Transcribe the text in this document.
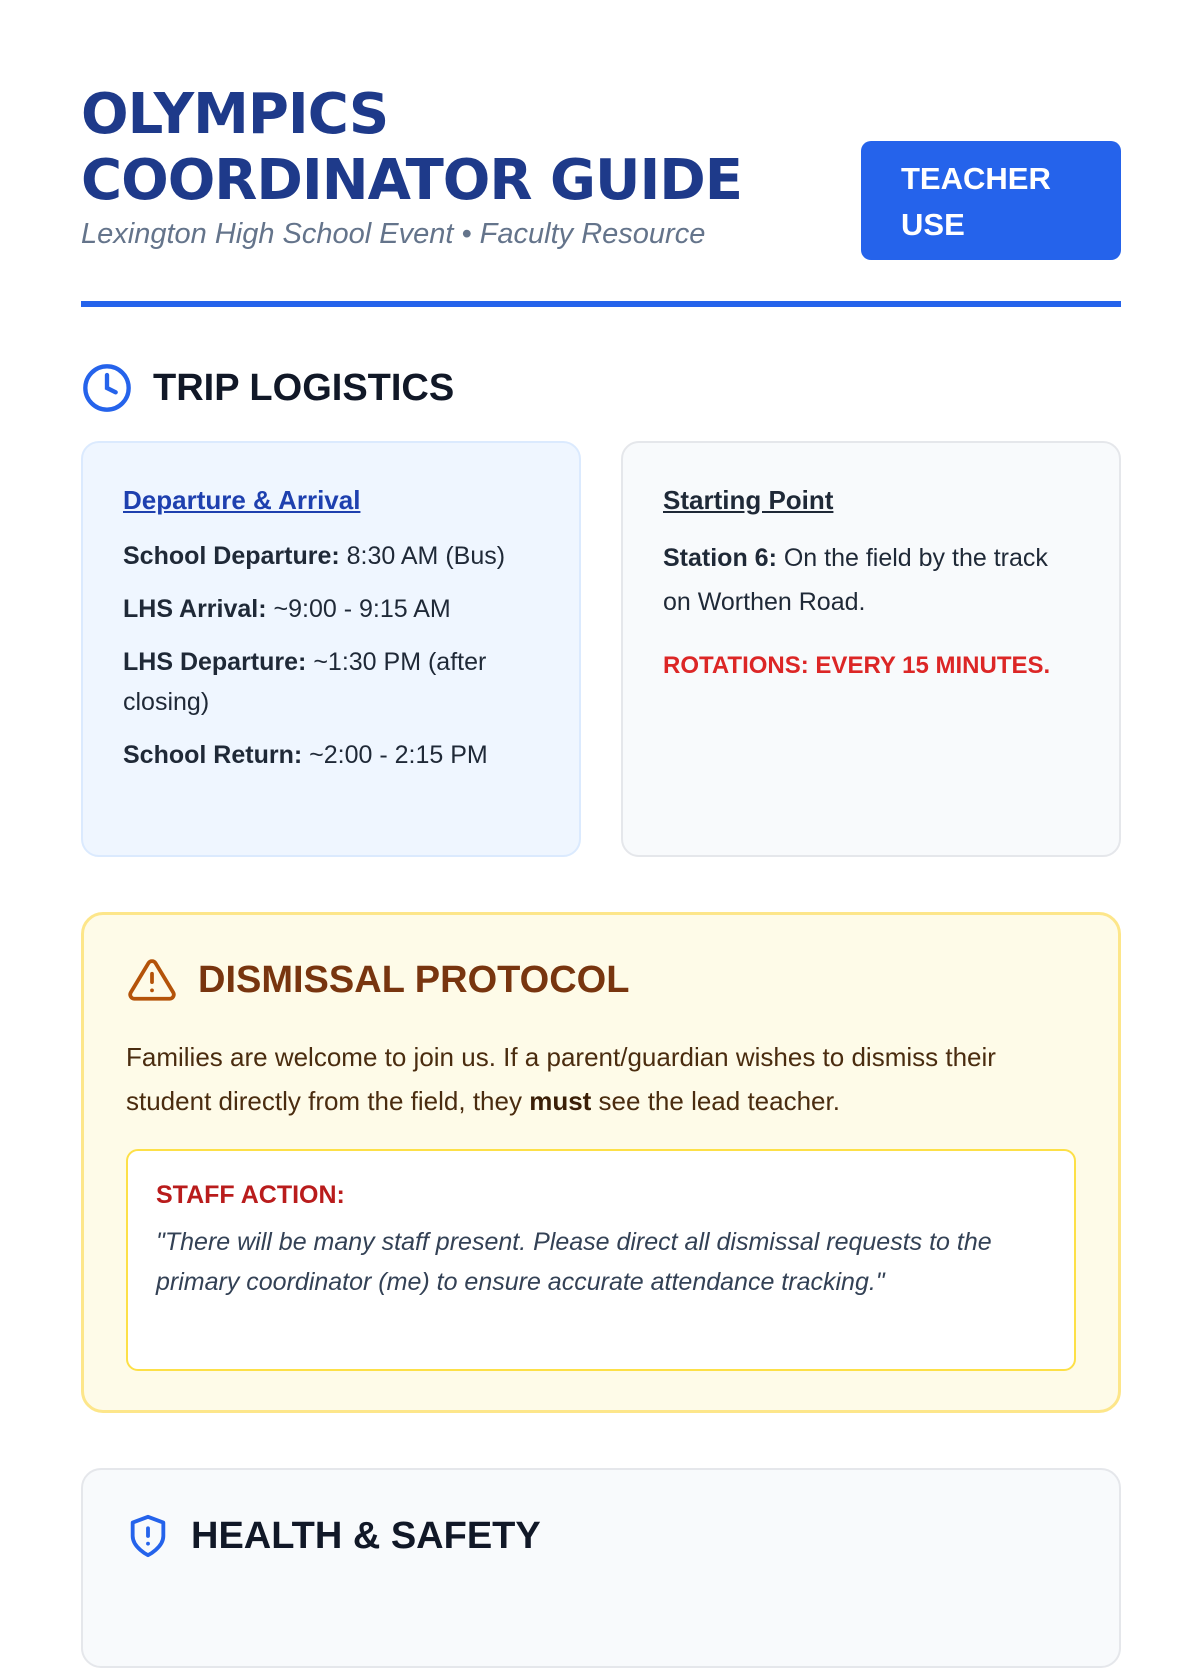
OLYMPICS
COORDINATOR GUIDE
Lexington High School Event • Faculty Resource
TEACHER
USE
TRIP LOGISTICS
Departure & Arrival

School Departure: 8:30 AM (Bus)

LHS Arrival: ~9:00 - 9:15 AM

LHS Departure: ~1:30 PM (after closing)

School Return: ~2:00 - 2:15 PM

Starting Point

Station 6: On the field by the track on Worthen Road.

ROTATIONS: EVERY 15 MINUTES.

DISMISSAL PROTOCOL

Families are welcome to join us. If a parent/guardian wishes to dismiss their student directly from the field, they must see the lead teacher.

STAFF ACTION:
"There will be many staff present. Please direct all dismissal requests to the primary coordinator (me) to ensure accurate attendance tracking."
HEALTH & SAFETY
